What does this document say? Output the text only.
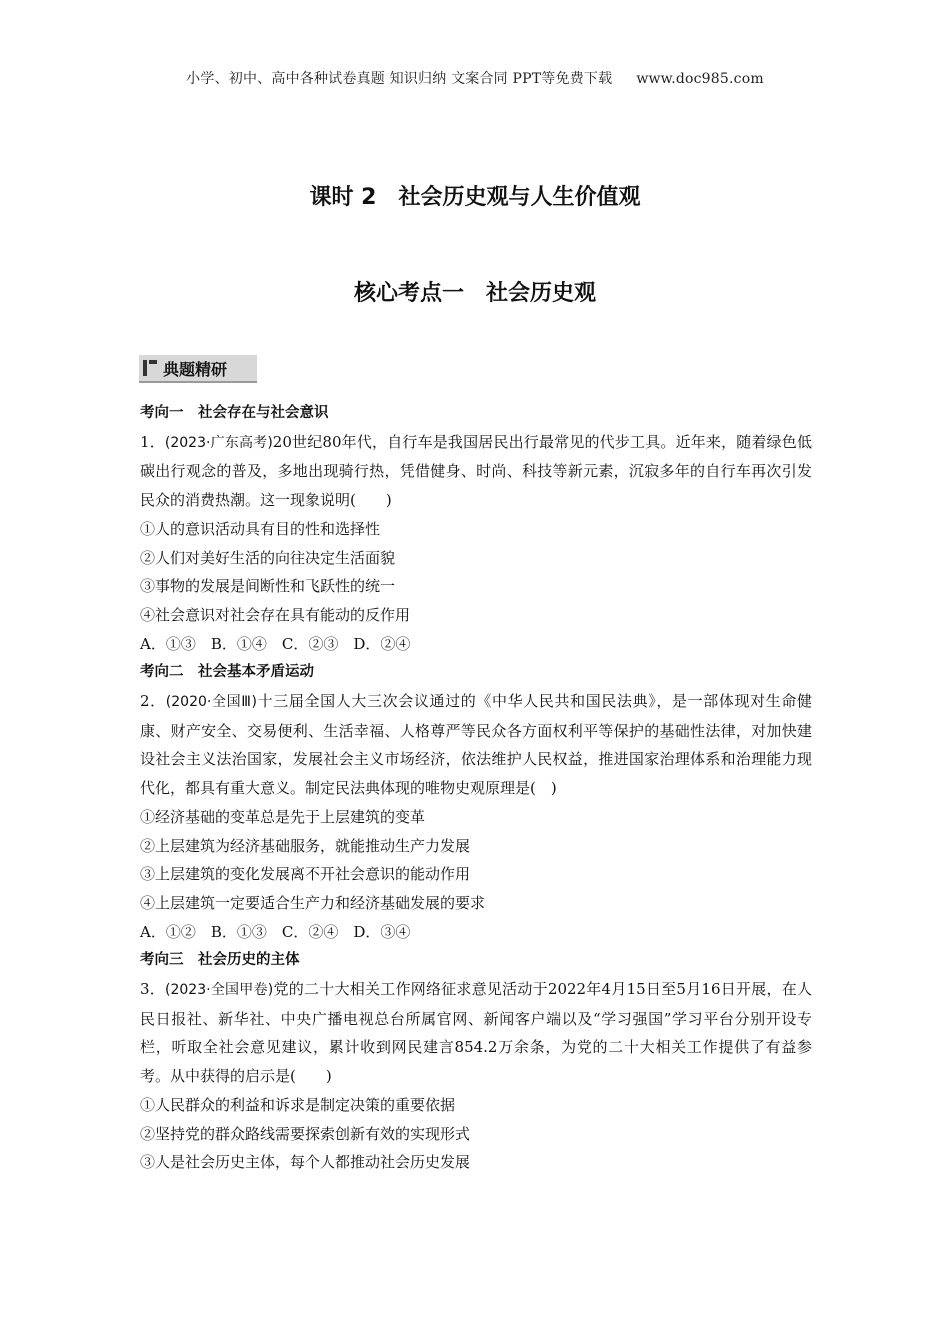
小学、初中、高中各种试卷真题 知识归纳 文案合同 PPT等免费下载 www.doc985.com
课时 2　社会历史观与人生价值观
核心考点一　社会历史观
典题精研

考向一　社会存在与社会意识

1．(2023·广东高考)20世纪80年代，自行车是我国居民出行最常见的代步工具。近年来，随着绿色低碳出行观念的普及，多地出现骑行热，凭借健身、时尚、科技等新元素，沉寂多年的自行车再次引发民众的消费热潮。这一现象说明(　　)

①人的意识活动具有目的性和选择性

②人们对美好生活的向往决定生活面貌

③事物的发展是间断性和飞跃性的统一

④社会意识对社会存在具有能动的反作用

A．①③　B．①④　C．②③　D．②④

考向二　社会基本矛盾运动

2．(2020·全国Ⅲ)十三届全国人大三次会议通过的《中华人民共和国民法典》，是一部体现对生命健康、财产安全、交易便利、生活幸福、人格尊严等民众各方面权利平等保护的基础性法律，对加快建设社会主义法治国家，发展社会主义市场经济，依法维护人民权益，推进国家治理体系和治理能力现代化，都具有重大意义。制定民法典体现的唯物史观原理是(　)

①经济基础的变革总是先于上层建筑的变革

②上层建筑为经济基础服务，就能推动生产力发展

③上层建筑的变化发展离不开社会意识的能动作用

④上层建筑一定要适合生产力和经济基础发展的要求

A．①②　B．①③　C．②④　D．③④

考向三　社会历史的主体

3．(2023·全国甲卷)党的二十大相关工作网络征求意见活动于2022年4月15日至5月16日开展，在人民日报社、新华社、中央广播电视总台所属官网、新闻客户端以及“学习强国”学习平台分别开设专栏，听取全社会意见建议，累计收到网民建言854.2万余条，为党的二十大相关工作提供了有益参考。从中获得的启示是(　　)

①人民群众的利益和诉求是制定决策的重要依据

②坚持党的群众路线需要探索创新有效的实现形式

③人是社会历史主体，每个人都推动社会历史发展
